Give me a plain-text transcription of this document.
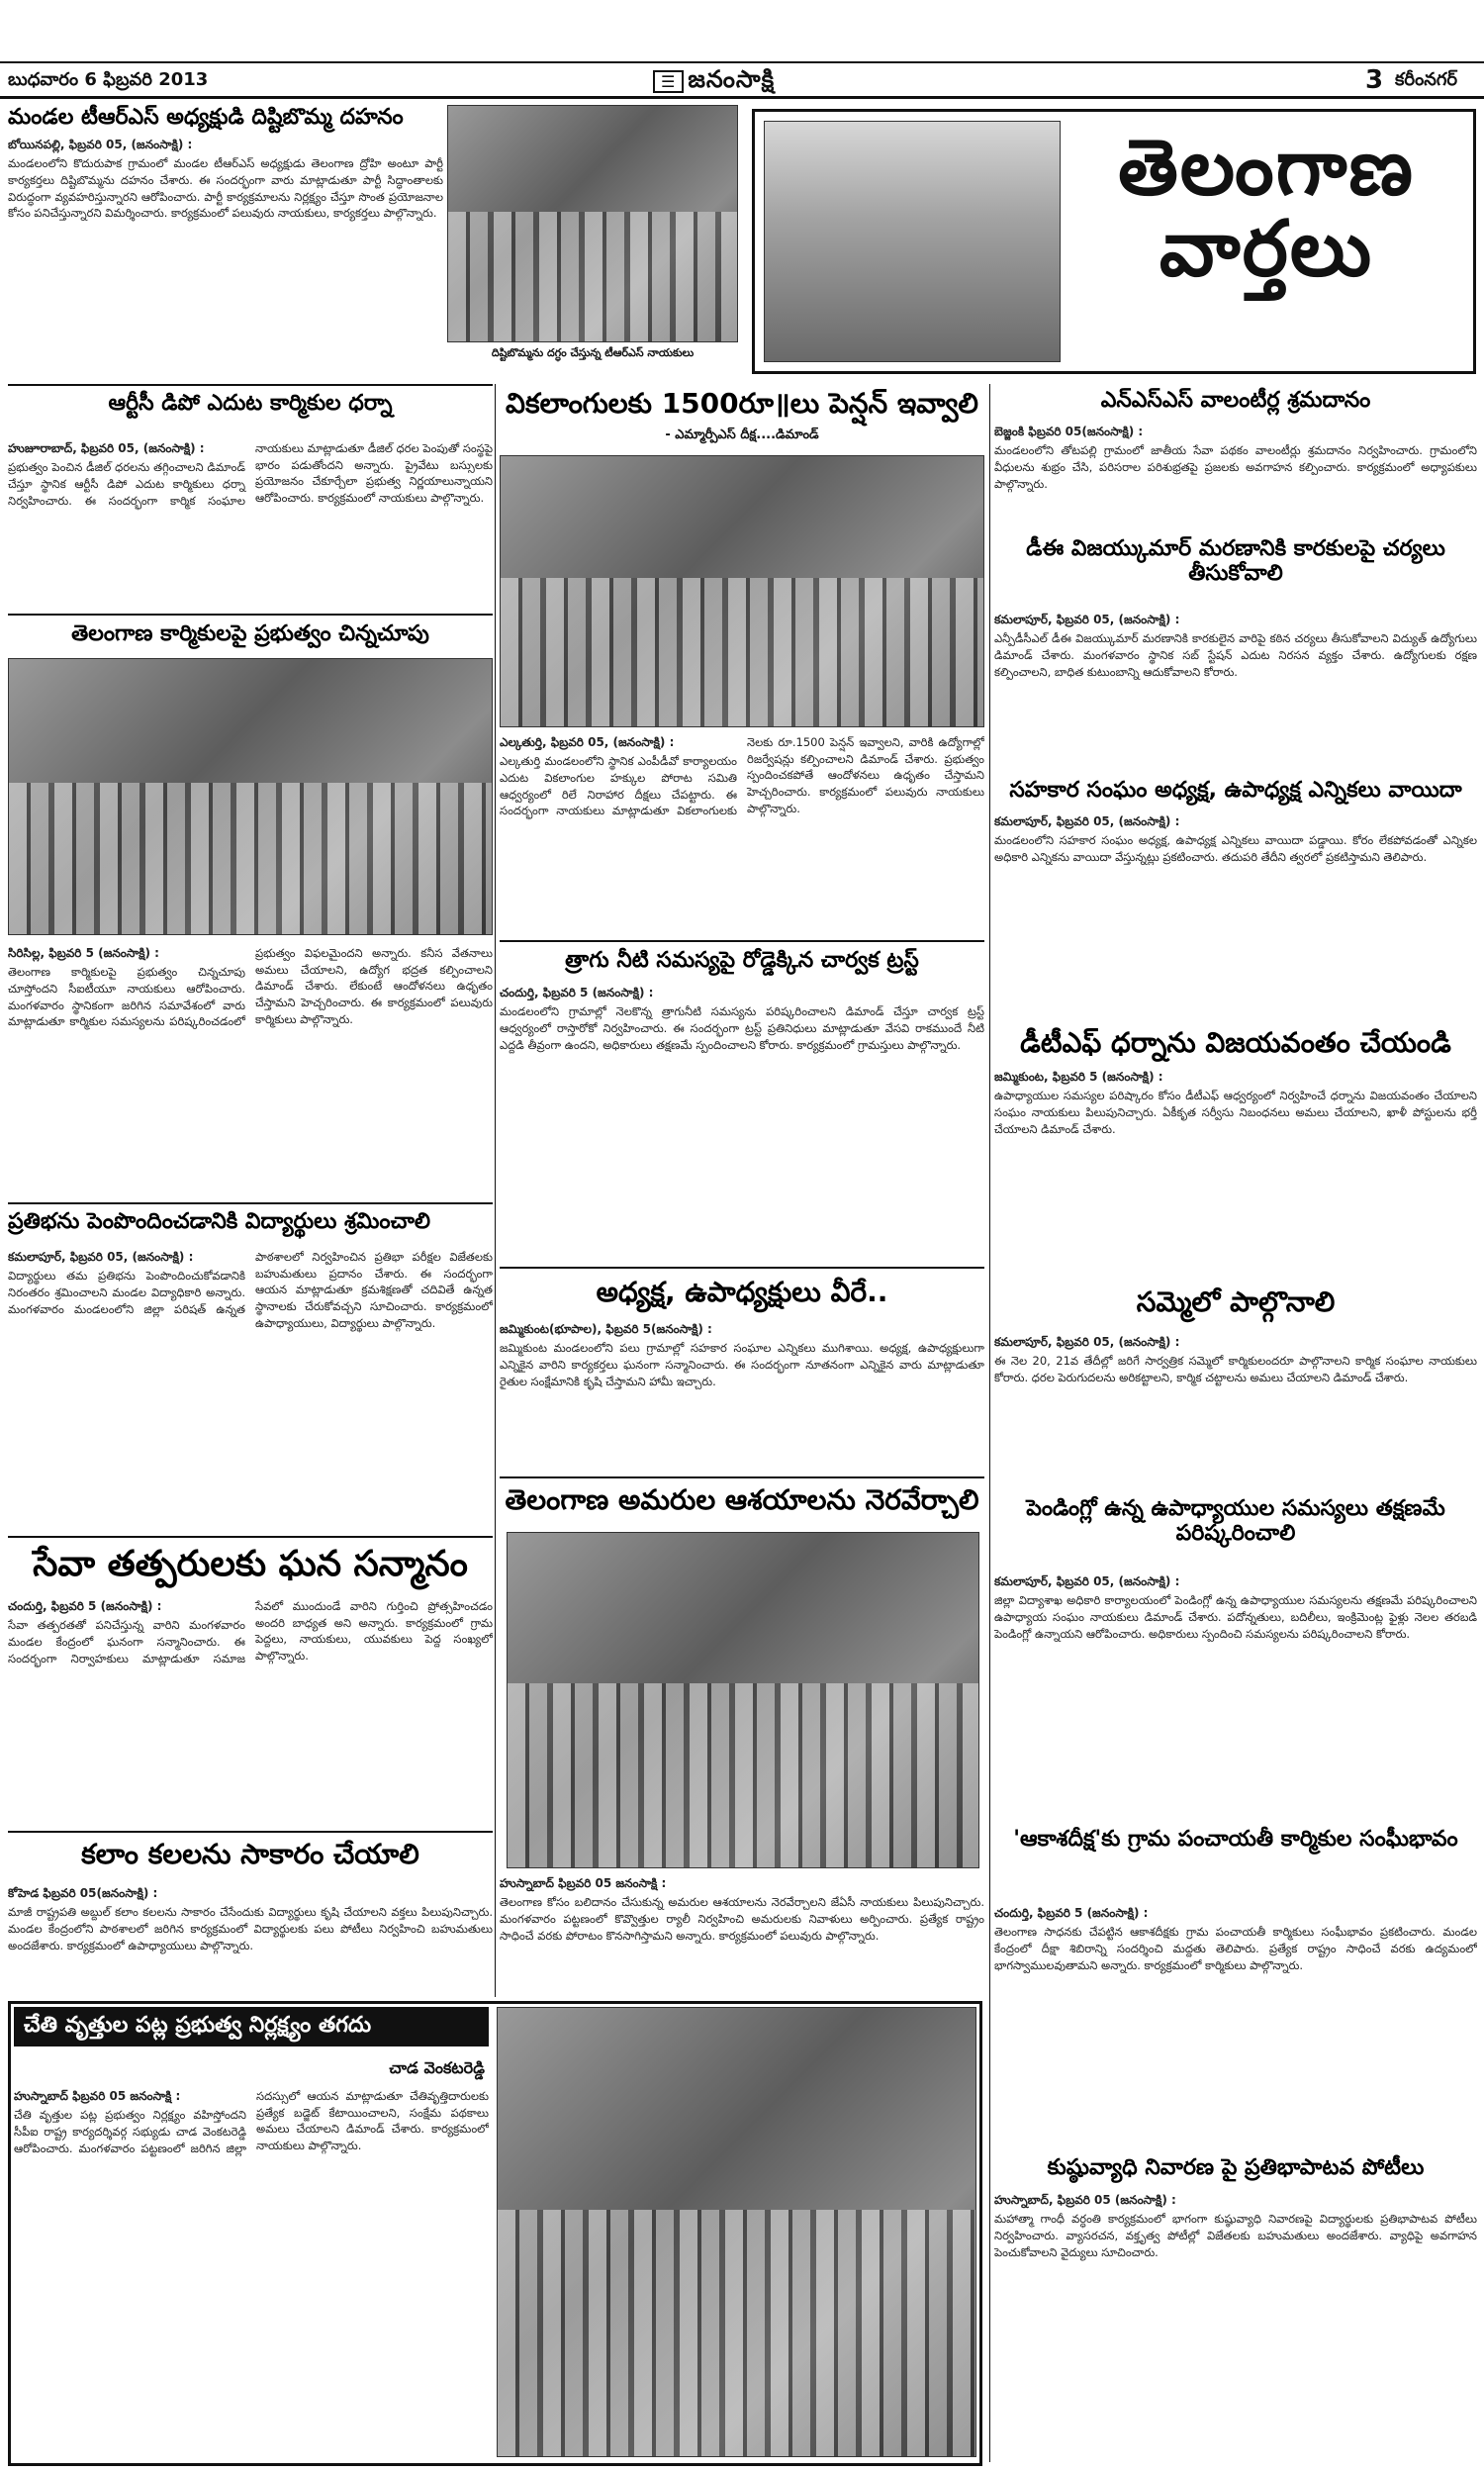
బుధవారం 6 ఫిబ్రవరి 2013	☰ జనంసాక్షి	3 కరీంనగర్
మండల టీఆర్ఎస్ అధ్యక్షుడి దిష్టిబొమ్మ దహనం
బోయినపల్లి, ఫిబ్రవరి 05, (జనంసాక్షి) :
మండలంలోని కొదురుపాక గ్రామంలో మండల టీఆర్ఎస్ అధ్యక్షుడు తెలంగాణ ద్రోహి అంటూ పార్టీ కార్యకర్తలు దిష్టిబొమ్మను దహనం చేశారు. ఈ సందర్భంగా వారు మాట్లాడుతూ పార్టీ సిద్ధాంతాలకు విరుద్ధంగా వ్యవహరిస్తున్నారని ఆరోపించారు. పార్టీ కార్యక్రమాలను నిర్లక్ష్యం చేస్తూ సొంత ప్రయోజనాల కోసం పనిచేస్తున్నారని విమర్శించారు. కార్యక్రమంలో పలువురు నాయకులు, కార్యకర్తలు పాల్గొన్నారు.
దిష్టిబొమ్మను దగ్ధం చేస్తున్న టీఆర్ఎస్ నాయకులు
తెలంగాణ
వార్తలు
ఆర్టీసీ డిపో ఎదుట కార్మికుల ధర్నా
హుజూరాబాద్, ఫిబ్రవరి 05, (జనంసాక్షి) :
ప్రభుత్వం పెంచిన డీజిల్ ధరలను తగ్గించాలని డిమాండ్ చేస్తూ స్థానిక ఆర్టీసీ డిపో ఎదుట కార్మికులు ధర్నా నిర్వహించారు. ఈ సందర్భంగా కార్మిక సంఘాల నాయకులు మాట్లాడుతూ డీజిల్ ధరల పెంపుతో సంస్థపై భారం పడుతోందని అన్నారు. ప్రైవేటు బస్సులకు ప్రయోజనం చేకూర్చేలా ప్రభుత్వ నిర్ణయాలున్నాయని ఆరోపించారు. కార్యక్రమంలో నాయకులు పాల్గొన్నారు.
తెలంగాణ కార్మికులపై ప్రభుత్వం చిన్నచూపు
సిరిసిల్ల, ఫిబ్రవరి 5 (జనంసాక్షి) :
తెలంగాణ కార్మికులపై ప్రభుత్వం చిన్నచూపు చూస్తోందని సీఐటీయూ నాయకులు ఆరోపించారు. మంగళవారం స్థానికంగా జరిగిన సమావేశంలో వారు మాట్లాడుతూ కార్మికుల సమస్యలను పరిష్కరించడంలో ప్రభుత్వం విఫలమైందని అన్నారు. కనీస వేతనాలు అమలు చేయాలని, ఉద్యోగ భద్రత కల్పించాలని డిమాండ్ చేశారు. లేకుంటే ఆందోళనలు ఉధృతం చేస్తామని హెచ్చరించారు. ఈ కార్యక్రమంలో పలువురు కార్మికులు పాల్గొన్నారు.
ప్రతిభను పెంపొందించడానికి విద్యార్థులు శ్రమించాలి
కమలాపూర్, ఫిబ్రవరి 05, (జనంసాక్షి) :
విద్యార్థులు తమ ప్రతిభను పెంపొందించుకోవడానికి నిరంతరం శ్రమించాలని మండల విద్యాధికారి అన్నారు. మంగళవారం మండలంలోని జిల్లా పరిషత్ ఉన్నత పాఠశాలలో నిర్వహించిన ప్రతిభా పరీక్షల విజేతలకు బహుమతులు ప్రదానం చేశారు. ఈ సందర్భంగా ఆయన మాట్లాడుతూ క్రమశిక్షణతో చదివితే ఉన్నత స్థానాలకు చేరుకోవచ్చని సూచించారు. కార్యక్రమంలో ఉపాధ్యాయులు, విద్యార్థులు పాల్గొన్నారు.
సేవా తత్పరులకు ఘన సన్మానం
చందుర్తి, ఫిబ్రవరి 5 (జనంసాక్షి) :
సేవా తత్పరతతో పనిచేస్తున్న వారిని మంగళవారం మండల కేంద్రంలో ఘనంగా సన్మానించారు. ఈ సందర్భంగా నిర్వాహకులు మాట్లాడుతూ సమాజ సేవలో ముందుండే వారిని గుర్తించి ప్రోత్సహించడం అందరి బాధ్యత అని అన్నారు. కార్యక్రమంలో గ్రామ పెద్దలు, నాయకులు, యువకులు పెద్ద సంఖ్యలో పాల్గొన్నారు.
కలాం కలలను సాకారం చేయాలి
కోహెడ ఫిబ్రవరి 05(జనంసాక్షి) :
మాజీ రాష్ట్రపతి అబ్దుల్ కలాం కలలను సాకారం చేసేందుకు విద్యార్థులు కృషి చేయాలని వక్తలు పిలుపునిచ్చారు. మండల కేంద్రంలోని పాఠశాలలో జరిగిన కార్యక్రమంలో విద్యార్థులకు పలు పోటీలు నిర్వహించి బహుమతులు అందజేశారు. కార్యక్రమంలో ఉపాధ్యాయులు పాల్గొన్నారు.
వికలాంగులకు 1500రూ॥లు పెన్షన్ ఇవ్వాలి
- ఎమ్మార్పీఎస్ దీక్ష....డిమాండ్
ఎల్కతుర్తి, ఫిబ్రవరి 05, (జనంసాక్షి) :
ఎల్కతుర్తి మండలంలోని స్థానిక ఎంపీడీవో కార్యాలయం ఎదుట వికలాంగుల హక్కుల పోరాట సమితి ఆధ్వర్యంలో రిలే నిరాహార దీక్షలు చేపట్టారు. ఈ సందర్భంగా నాయకులు మాట్లాడుతూ వికలాంగులకు నెలకు రూ.1500 పెన్షన్ ఇవ్వాలని, వారికి ఉద్యోగాల్లో రిజర్వేషన్లు కల్పించాలని డిమాండ్ చేశారు. ప్రభుత్వం స్పందించకపోతే ఆందోళనలు ఉధృతం చేస్తామని హెచ్చరించారు. కార్యక్రమంలో పలువురు నాయకులు పాల్గొన్నారు.
త్రాగు నీటి సమస్యపై రోడ్డెక్కిన చార్వక ట్రస్ట్
చందుర్తి, ఫిబ్రవరి 5 (జనంసాక్షి) :
మండలంలోని గ్రామాల్లో నెలకొన్న త్రాగునీటి సమస్యను పరిష్కరించాలని డిమాండ్ చేస్తూ చార్వక ట్రస్ట్ ఆధ్వర్యంలో రాస్తారోకో నిర్వహించారు. ఈ సందర్భంగా ట్రస్ట్ ప్రతినిధులు మాట్లాడుతూ వేసవి రాకముందే నీటి ఎద్దడి తీవ్రంగా ఉందని, అధికారులు తక్షణమే స్పందించాలని కోరారు. కార్యక్రమంలో గ్రామస్తులు పాల్గొన్నారు.
అధ్యక్ష, ఉపాధ్యక్షులు వీరే..
జమ్మికుంట(భూపాల), ఫిబ్రవరి 5(జనంసాక్షి) :
జమ్మికుంట మండలంలోని పలు గ్రామాల్లో సహకార సంఘాల ఎన్నికలు ముగిశాయి. అధ్యక్ష, ఉపాధ్యక్షులుగా ఎన్నికైన వారిని కార్యకర్తలు ఘనంగా సన్మానించారు. ఈ సందర్భంగా నూతనంగా ఎన్నికైన వారు మాట్లాడుతూ రైతుల సంక్షేమానికి కృషి చేస్తామని హామీ ఇచ్చారు.
తెలంగాణ అమరుల ఆశయాలను నెరవేర్చాలి
హుస్నాబాద్ ఫిబ్రవరి 05 జనంసాక్షి :
తెలంగాణ కోసం బలిదానం చేసుకున్న అమరుల ఆశయాలను నెరవేర్చాలని జేఏసీ నాయకులు పిలుపునిచ్చారు. మంగళవారం పట్టణంలో కొవ్వొత్తుల ర్యాలీ నిర్వహించి అమరులకు నివాళులు అర్పించారు. ప్రత్యేక రాష్ట్రం సాధించే వరకు పోరాటం కొనసాగిస్తామని అన్నారు. కార్యక్రమంలో పలువురు పాల్గొన్నారు.
చేతి వృత్తుల పట్ల ప్రభుత్వ నిర్లక్ష్యం తగదు
చాడ వెంకటరెడ్డి
హుస్నాబాద్ ఫిబ్రవరి 05 జనంసాక్షి :
చేతి వృత్తుల పట్ల ప్రభుత్వం నిర్లక్ష్యం వహిస్తోందని సీపీఐ రాష్ట్ర కార్యదర్శివర్గ సభ్యుడు చాడ వెంకటరెడ్డి ఆరోపించారు. మంగళవారం పట్టణంలో జరిగిన జిల్లా సదస్సులో ఆయన మాట్లాడుతూ చేతివృత్తిదారులకు ప్రత్యేక బడ్జెట్ కేటాయించాలని, సంక్షేమ పథకాలు అమలు చేయాలని డిమాండ్ చేశారు. కార్యక్రమంలో నాయకులు పాల్గొన్నారు.
ఎన్ఎస్ఎస్ వాలంటీర్ల శ్రమదానం
బెజ్జంకి ఫిబ్రవరి 05(జనంసాక్షి) :
మండలంలోని తోటపల్లి గ్రామంలో జాతీయ సేవా పథకం వాలంటీర్లు శ్రమదానం నిర్వహించారు. గ్రామంలోని వీధులను శుభ్రం చేసి, పరిసరాల పరిశుభ్రతపై ప్రజలకు అవగాహన కల్పించారు. కార్యక్రమంలో అధ్యాపకులు పాల్గొన్నారు.
డీఈ విజయ్కుమార్ మరణానికి కారకులపై చర్యలు తీసుకోవాలి
కమలాపూర్, ఫిబ్రవరి 05, (జనంసాక్షి) :
ఎన్పీడీసీఎల్ డీఈ విజయ్కుమార్ మరణానికి కారకులైన వారిపై కఠిన చర్యలు తీసుకోవాలని విద్యుత్ ఉద్యోగులు డిమాండ్ చేశారు. మంగళవారం స్థానిక సబ్ స్టేషన్ ఎదుట నిరసన వ్యక్తం చేశారు. ఉద్యోగులకు రక్షణ కల్పించాలని, బాధిత కుటుంబాన్ని ఆదుకోవాలని కోరారు.
సహకార సంఘం అధ్యక్ష, ఉపాధ్యక్ష ఎన్నికలు వాయిదా
కమలాపూర్, ఫిబ్రవరి 05, (జనంసాక్షి) :
మండలంలోని సహకార సంఘం అధ్యక్ష, ఉపాధ్యక్ష ఎన్నికలు వాయిదా పడ్డాయి. కోరం లేకపోవడంతో ఎన్నికల అధికారి ఎన్నికను వాయిదా వేస్తున్నట్లు ప్రకటించారు. తదుపరి తేదీని త్వరలో ప్రకటిస్తామని తెలిపారు.
డీటీఎఫ్ ధర్నాను విజయవంతం చేయండి
జమ్మికుంట, ఫిబ్రవరి 5 (జనంసాక్షి) :
ఉపాధ్యాయుల సమస్యల పరిష్కారం కోసం డీటీఎఫ్ ఆధ్వర్యంలో నిర్వహించే ధర్నాను విజయవంతం చేయాలని సంఘం నాయకులు పిలుపునిచ్చారు. ఏకీకృత సర్వీసు నిబంధనలు అమలు చేయాలని, ఖాళీ పోస్టులను భర్తీ చేయాలని డిమాండ్ చేశారు.
సమ్మెలో పాల్గొనాలి
కమలాపూర్, ఫిబ్రవరి 05, (జనంసాక్షి) :
ఈ నెల 20, 21వ తేదీల్లో జరిగే సార్వత్రిక సమ్మెలో కార్మికులందరూ పాల్గొనాలని కార్మిక సంఘాల నాయకులు కోరారు. ధరల పెరుగుదలను అరికట్టాలని, కార్మిక చట్టాలను అమలు చేయాలని డిమాండ్ చేశారు.
పెండింగ్లో ఉన్న ఉపాధ్యాయుల సమస్యలు తక్షణమే పరిష్కరించాలి
కమలాపూర్, ఫిబ్రవరి 05, (జనంసాక్షి) :
జిల్లా విద్యాశాఖ అధికారి కార్యాలయంలో పెండింగ్లో ఉన్న ఉపాధ్యాయుల సమస్యలను తక్షణమే పరిష్కరించాలని ఉపాధ్యాయ సంఘం నాయకులు డిమాండ్ చేశారు. పదోన్నతులు, బదిలీలు, ఇంక్రిమెంట్ల ఫైళ్లు నెలల తరబడి పెండింగ్లో ఉన్నాయని ఆరోపించారు. అధికారులు స్పందించి సమస్యలను పరిష్కరించాలని కోరారు.
'ఆకాశదీక్ష'కు గ్రామ పంచాయతీ కార్మికుల సంఘీభావం
చందుర్తి, ఫిబ్రవరి 5 (జనంసాక్షి) :
తెలంగాణ సాధనకు చేపట్టిన ఆకాశదీక్షకు గ్రామ పంచాయతీ కార్మికులు సంఘీభావం ప్రకటించారు. మండల కేంద్రంలో దీక్షా శిబిరాన్ని సందర్శించి మద్దతు తెలిపారు. ప్రత్యేక రాష్ట్రం సాధించే వరకు ఉద్యమంలో భాగస్వాములవుతామని అన్నారు. కార్యక్రమంలో కార్మికులు పాల్గొన్నారు.
కుష్ఠువ్యాధి నివారణ పై ప్రతిభాపాటవ పోటీలు
హుస్నాబాద్, ఫిబ్రవరి 05 (జనంసాక్షి) :
మహాత్మా గాంధీ వర్ధంతి కార్యక్రమంలో భాగంగా కుష్ఠువ్యాధి నివారణపై విద్యార్థులకు ప్రతిభాపాటవ పోటీలు నిర్వహించారు. వ్యాసరచన, వక్తృత్వ పోటీల్లో విజేతలకు బహుమతులు అందజేశారు. వ్యాధిపై అవగాహన పెంచుకోవాలని వైద్యులు సూచించారు.
